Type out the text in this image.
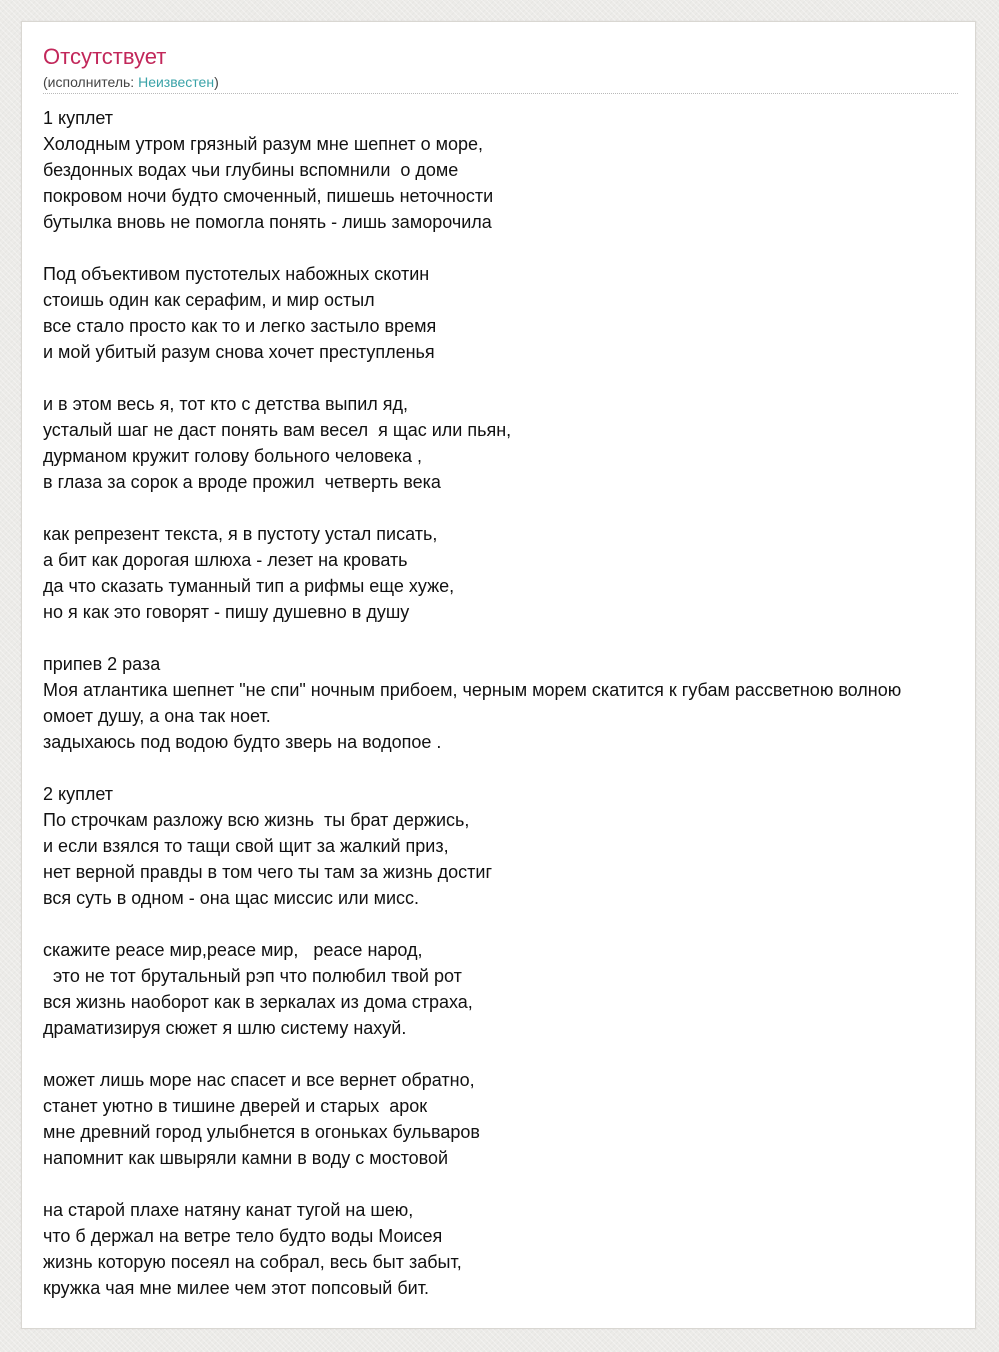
Отсутствует
(исполнитель: Неизвестен)
1 куплет
Холодным утром грязный разум мне шепнет о море,
бездонных водах чьи глубины вспомнили  о доме
покровом ночи будто смоченный, пишешь неточности
бутылка вновь не помогла понять - лишь заморочила
Под объективом пустотелых набожных скотин
стоишь один как серафим, и мир остыл
все стало просто как то и легко застыло время
и мой убитый разум снова хочет преступленья
и в этом весь я, тот кто с детства выпил яд,
усталый шаг не даст понять вам весел  я щас или пьян,
дурманом кружит голову больного человека ,
в глаза за сорок а вроде прожил  четверть века
как репрезент текста, я в пустоту устал писать,
а бит как дорогая шлюха - лезет на кровать
да что сказать туманный тип а рифмы еще хуже,
но я как это говорят - пишу душевно в душу
припев 2 раза
Моя атлантика шепнет "не спи" ночным прибоем, черным морем скатится к губам рассветною волною
омоет душу, а она так ноет.
задыхаюсь под водою будто зверь на водопое .
2 куплет
По строчкам разложу всю жизнь  ты брат держись,
и если взялся то тащи свой щит за жалкий приз,
нет верной правды в том чего ты там за жизнь достиг
вся суть в одном - она щас миссис или мисс.
скажите peace мир,peace мир,   peace народ,
это не тот брутальный рэп что полюбил твой рот
вся жизнь наоборот как в зеркалах из дома страха,
драматизируя сюжет я шлю систему нахуй.
может лишь море нас спасет и все вернет обратно,
станет уютно в тишине дверей и старых  арок
мне древний город улыбнется в огоньках бульваров
напомнит как швыряли камни в воду с мостовой
на старой плахе натяну канат тугой на шею,
что б держал на ветре тело будто воды Моисея
жизнь которую посеял на собрал, весь быт забыт,
кружка чая мне милее чем этот попсовый бит.
